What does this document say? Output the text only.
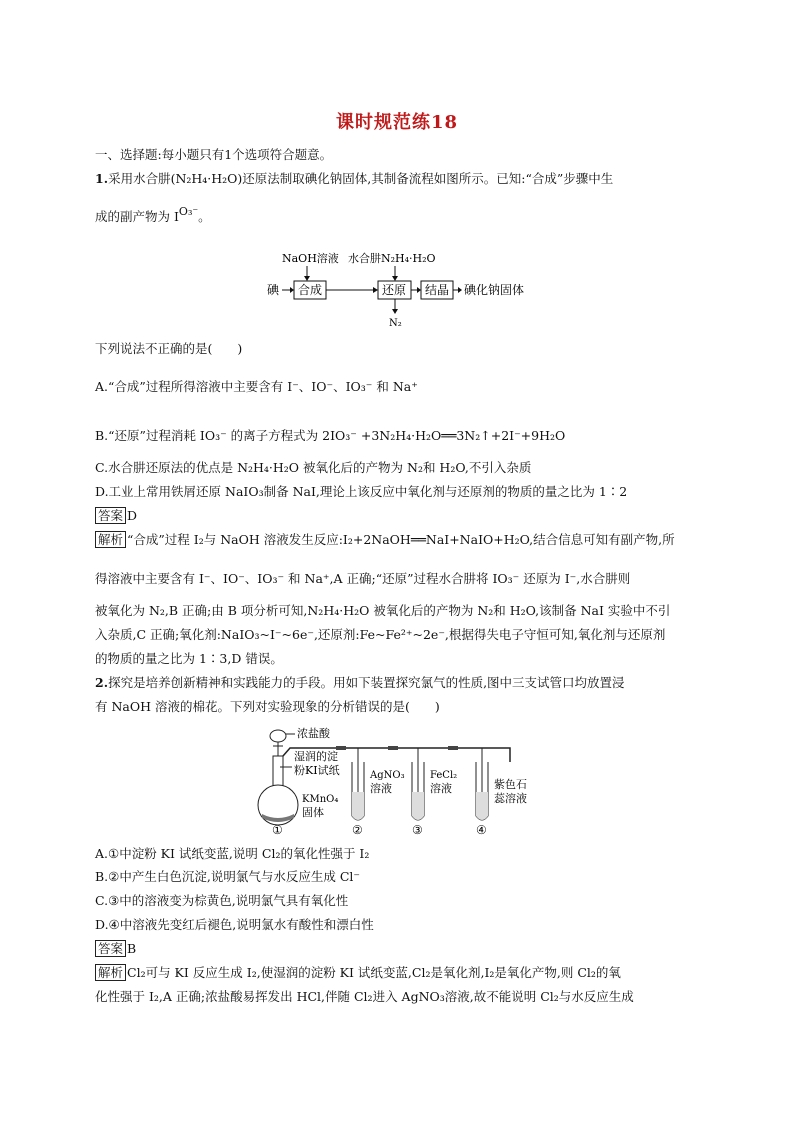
课时规范练18
一、选择题:每小题只有1个选项符合题意。
1.采用水合肼(N₂H₄·H₂O)还原法制取碘化钠固体,其制备流程如图所示。已知:“合成”步骤中生
成的副产物为 IO₃⁻。
NaOH溶液 水合肼N₂H₄·H₂O
碘 合成	还原 结晶 碘化钠固体
N₂
下列说法不正确的是(　　)
A.“合成”过程所得溶液中主要含有 I⁻、IO⁻、IO₃⁻ 和 Na⁺
B.“还原”过程消耗 IO₃⁻ 的离子方程式为 2IO₃⁻ +3N₂H₄·H₂O══3N₂↑+2I⁻+9H₂O
C.水合肼还原法的优点是 N₂H₄·H₂O 被氧化后的产物为 N₂和 H₂O,不引入杂质
D.工业上常用铁屑还原 NaIO₃制备 NaI,理论上该反应中氧化剂与还原剂的物质的量之比为 1∶2
答案 D
解析 “合成”过程 I₂与 NaOH 溶液发生反应:I₂+2NaOH══NaI+NaIO+H₂O,结合信息可知有副产物,所
得溶液中主要含有 I⁻、IO⁻、IO₃⁻ 和 Na⁺,A 正确;“还原”过程水合肼将 IO₃⁻ 还原为 I⁻,水合肼则
被氧化为 N₂,B 正确;由 B 项分析可知,N₂H₄·H₂O 被氧化后的产物为 N₂和 H₂O,该制备 NaI 实验中不引
入杂质,C 正确;氧化剂:NaIO₃~I⁻~6e⁻,还原剂:Fe~Fe²⁺~2e⁻,根据得失电子守恒可知,氧化剂与还原剂
的物质的量之比为 1∶3,D 错误。
2.探究是培养创新精神和实践能力的手段。用如下装置探究氯气的性质,图中三支试管口均放置浸
有 NaOH 溶液的棉花。下列对实验现象的分析错误的是(　　)
浓盐酸
湿润的淀
粉KI试纸
KMnO₄
固体
AgNO₃
溶液
FeCl₂
溶液	紫色石
蕊溶液
①	②	③	④
A.①中淀粉 KI 试纸变蓝,说明 Cl₂的氧化性强于 I₂
B.②中产生白色沉淀,说明氯气与水反应生成 Cl⁻
C.③中的溶液变为棕黄色,说明氯气具有氧化性
D.④中溶液先变红后褪色,说明氯水有酸性和漂白性
答案 B
解析 Cl₂可与 KI 反应生成 I₂,使湿润的淀粉 KI 试纸变蓝,Cl₂是氧化剂,I₂是氧化产物,则 Cl₂的氧
化性强于 I₂,A 正确;浓盐酸易挥发出 HCl,伴随 Cl₂进入 AgNO₃溶液,故不能说明 Cl₂与水反应生成
